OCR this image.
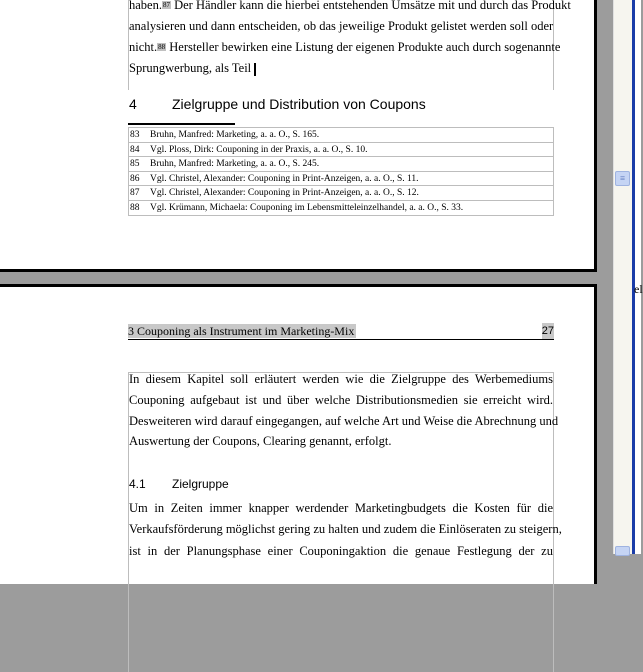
haben.$^{87}$ Der Händler kann die hierbei entstehenden Umsätze mit und durch das Produkt
analysieren und dann entscheiden, ob das jeweilige Produkt gelistet werden soll oder
nicht.$^{88}$ Hersteller bewirken eine Listung der eigenen Produkte auch durch sogenannte
Sprungwerbung, als Teil
4	Zielgruppe und Distribution von Coupons
83 Bruhn, Manfred: Marketing, a. a. O., S. 165.
84 Vgl. Ploss, Dirk: Couponing in der Praxis, a. a. O., S. 10.
85 Bruhn, Manfred: Marketing, a. a. O., S. 245.
86 Vgl. Christel, Alexander: Couponing in Print-Anzeigen, a. a. O., S. 11.
87 Vgl. Christel, Alexander: Couponing in Print-Anzeigen, a. a. O., S. 12.
88 Vgl. Krümann, Michaela: Couponing im Lebensmitteleinzelhandel, a. a. O., S. 33.
3 Couponing als Instrument im Marketing-Mix	27
In diesem Kapitel soll erläutert werden wie die Zielgruppe des Werbemediums
Couponing aufgebaut ist und über welche Distributionsmedien sie erreicht wird.
Desweiteren wird darauf eingegangen, auf welche Art und Weise die Abrechnung und
Auswertung der Coupons, Clearing genannt, erfolgt.
4.1 Zielgruppe
Um in Zeiten immer knapper werdender Marketingbudgets die Kosten für die
Verkaufsförderung möglichst gering zu halten und zudem die Einlöseraten zu steigern,
ist in der Planungsphase einer Couponingaktion die genaue Festlegung der zu
≡
el
